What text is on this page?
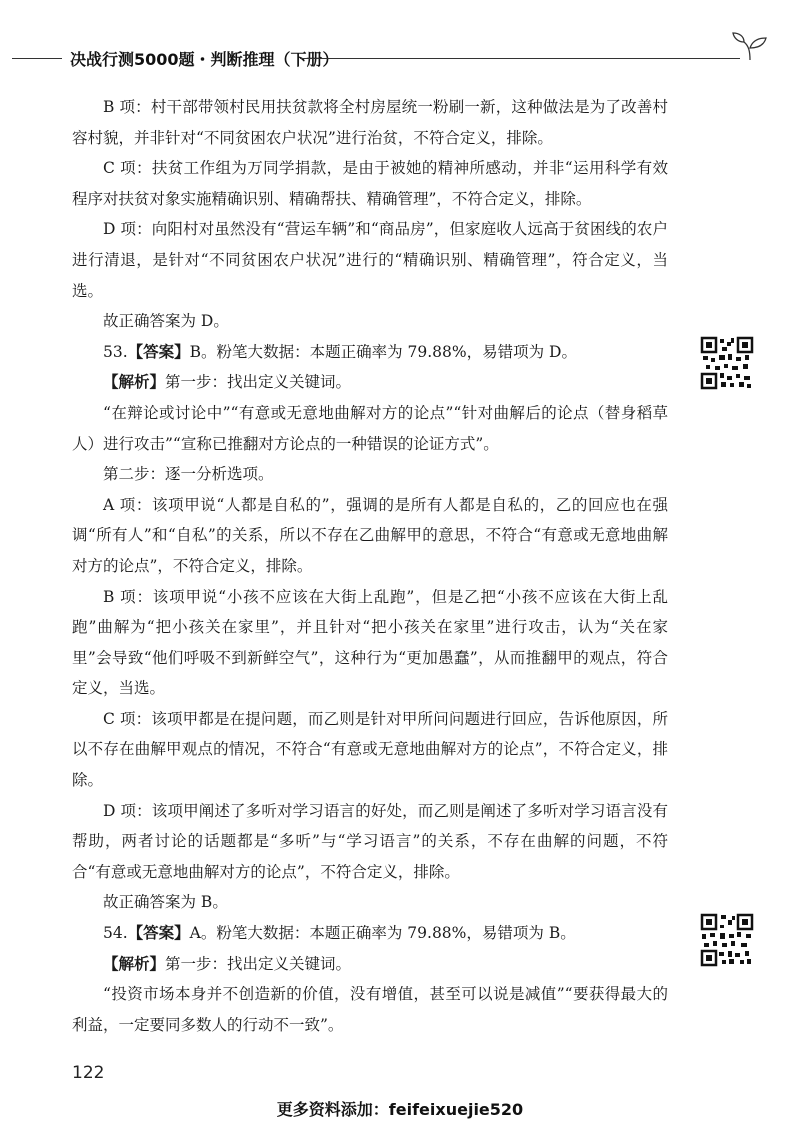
决战行测5000题・判断推理（下册）

B 项：村干部带领村民用扶贫款将全村房屋统一粉刷一新，这种做法是为了改善村容村貌，并非针对“不同贫困农户状况”进行治贫，不符合定义，排除。

C 项：扶贫工作组为万同学捐款，是由于被她的精神所感动，并非“运用科学有效程序对扶贫对象实施精确识别、精确帮扶、精确管理”，不符合定义，排除。

D 项：向阳村对虽然没有“营运车辆”和“商品房”，但家庭收人远高于贫困线的农户进行清退，是针对“不同贫困农户状况”进行的“精确识别、精确管理”，符合定义，当选。

故正确答案为 D。

53.【答案】B。粉笔大数据：本题正确率为 79.88%，易错项为 D。

【解析】第一步：找出定义关键词。

“在辩论或讨论中”“有意或无意地曲解对方的论点”“针对曲解后的论点（替身稻草人）进行攻击”“宣称已推翻对方论点的一种错误的论证方式”。

第二步：逐一分析选项。

A 项：该项甲说“人都是自私的”，强调的是所有人都是自私的，乙的回应也在强调“所有人”和“自私”的关系，所以不存在乙曲解甲的意思，不符合“有意或无意地曲解对方的论点”，不符合定义，排除。

B 项：该项甲说“小孩不应该在大街上乱跑”，但是乙把“小孩不应该在大街上乱跑”曲解为“把小孩关在家里”，并且针对“把小孩关在家里”进行攻击，认为“关在家里”会导致“他们呼吸不到新鲜空气”，这种行为“更加愚蠢”，从而推翻甲的观点，符合定义，当选。

C 项：该项甲都是在提问题，而乙则是针对甲所问问题进行回应，告诉他原因，所以不存在曲解甲观点的情况，不符合“有意或无意地曲解对方的论点”，不符合定义，排除。

D 项：该项甲阐述了多听对学习语言的好处，而乙则是阐述了多听对学习语言没有帮助，两者讨论的话题都是“多听”与“学习语言”的关系，不存在曲解的问题，不符合“有意或无意地曲解对方的论点”，不符合定义，排除。

故正确答案为 B。

54.【答案】A。粉笔大数据：本题正确率为 79.88%，易错项为 B。

【解析】第一步：找出定义关键词。

“投资市场本身并不创造新的价值，没有增值，甚至可以说是减值”“要获得最大的利益，一定要同多数人的行动不一致”。

122
更多资料添加：feifeixuejie520
